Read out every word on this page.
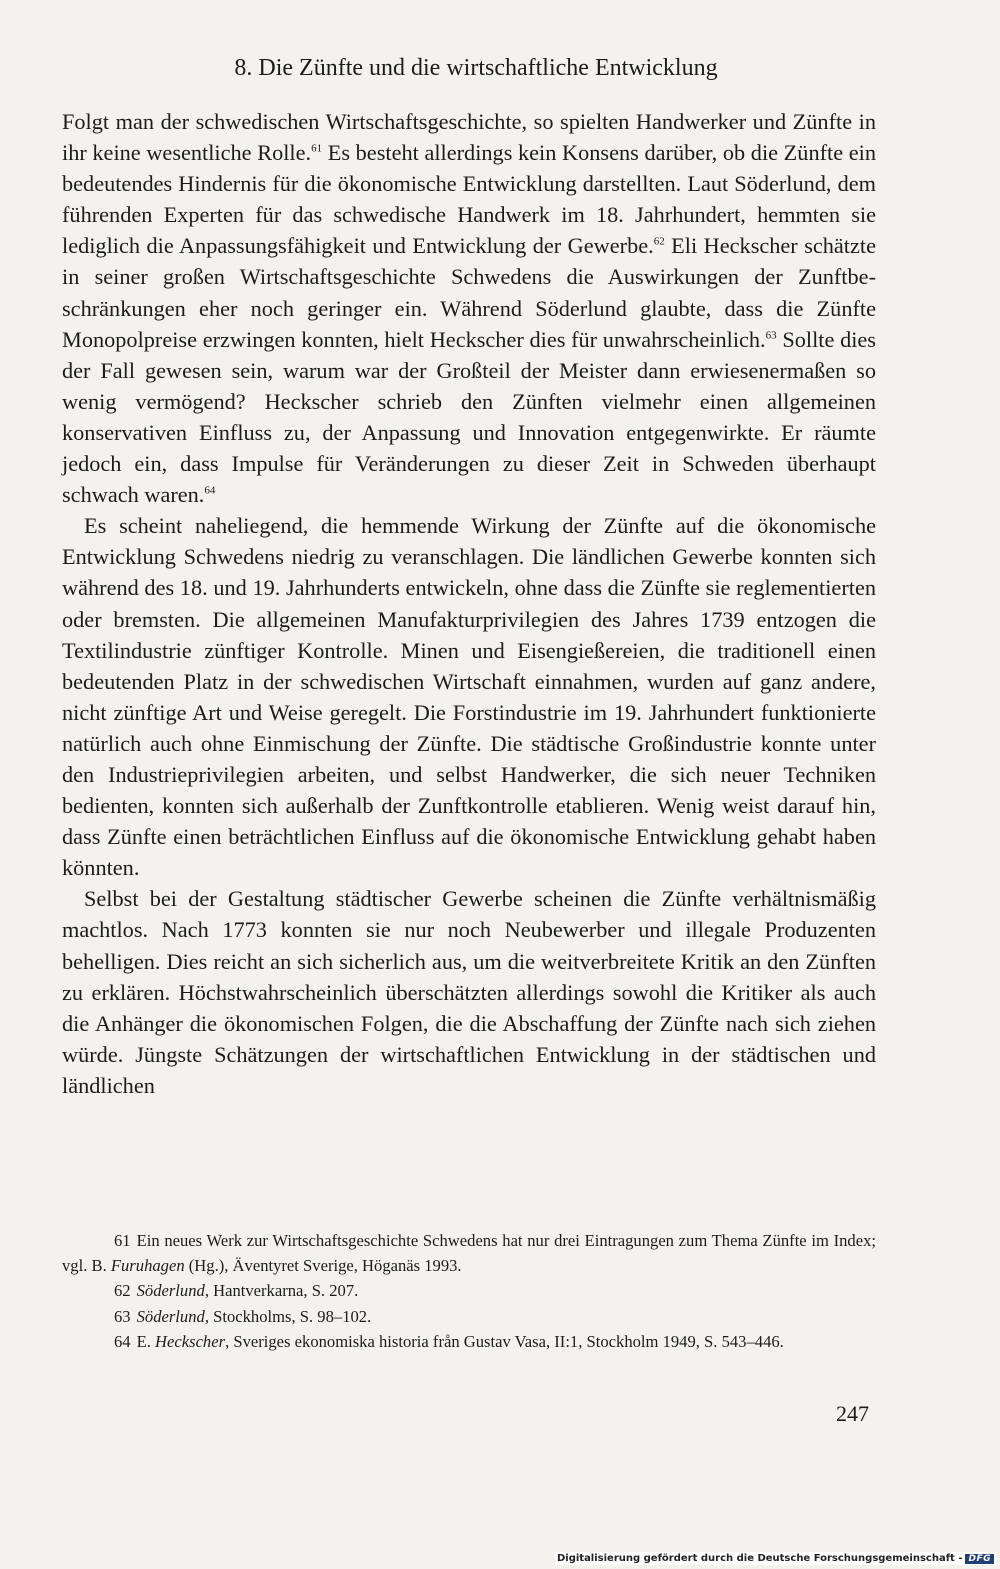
8. Die Zünfte und die wirtschaftliche Entwicklung

Folgt man der schwedischen Wirtschaftsgeschichte, so spielten Handwerker und Zünfte in ihr keine wesentliche Rolle.$^{61}$ Es besteht allerdings kein Konsens darüber, ob die Zünfte ein bedeutendes Hindernis für die ökonomische Entwicklung darstellten. Laut Söderlund, dem führenden Experten für das schwedische Handwerk im 18. Jahrhundert, hemmten sie lediglich die Anpassungsfähigkeit und Entwicklung der Gewerbe.$^{62}$ Eli Heckscher schätzte in seiner großen Wirtschaftsgeschichte Schwedens die Auswirkungen der Zunftbeschränkungen eher noch geringer ein. Während Söderlund glaubte, dass die Zünfte Monopolpreise erzwingen konnten, hielt Heckscher dies für unwahrscheinlich.$^{63}$ Sollte dies der Fall gewesen sein, warum war der Großteil der Meister dann erwiesenermaßen so wenig vermögend? Heckscher schrieb den Zünften vielmehr einen allgemeinen konservativen Einfluss zu, der Anpassung und Innovation entgegenwirkte. Er räumte jedoch ein, dass Impulse für Veränderungen zu dieser Zeit in Schweden überhaupt schwach waren.$^{64}$

Es scheint naheliegend, die hemmende Wirkung der Zünfte auf die ökonomische Entwicklung Schwedens niedrig zu veranschlagen. Die ländlichen Gewerbe konnten sich während des 18. und 19. Jahrhunderts entwickeln, ohne dass die Zünfte sie reglementierten oder bremsten. Die allgemeinen Manufakturprivilegien des Jahres 1739 entzogen die Textilindustrie zünftiger Kontrolle. Minen und Eisengießereien, die traditionell einen bedeutenden Platz in der schwedischen Wirtschaft einnahmen, wurden auf ganz andere, nicht zünftige Art und Weise geregelt. Die Forstindustrie im 19. Jahrhundert funktionierte natürlich auch ohne Einmischung der Zünfte. Die städtische Großindustrie konnte unter den Industrieprivilegien arbeiten, und selbst Handwerker, die sich neuer Techniken bedienten, konnten sich außerhalb der Zunftkontrolle etablieren. Wenig weist darauf hin, dass Zünfte einen beträchtlichen Einfluss auf die ökonomische Entwicklung gehabt haben könnten.

Selbst bei der Gestaltung städtischer Gewerbe scheinen die Zünfte verhältnismäßig machtlos. Nach 1773 konnten sie nur noch Neubewerber und illegale Produzenten behelligen. Dies reicht an sich sicherlich aus, um die weitverbreitete Kritik an den Zünften zu erklären. Höchstwahrscheinlich überschätzten allerdings sowohl die Kritiker als auch die Anhänger die ökonomischen Folgen, die die Abschaffung der Zünfte nach sich ziehen würde. Jüngste Schätzungen der wirtschaftlichen Entwicklung in der städtischen und ländlichen

61 Ein neues Werk zur Wirtschaftsgeschichte Schwedens hat nur drei Eintragungen zum Thema Zünfte im Index; vgl. B. Furuhagen (Hg.), Äventyret Sverige, Höganäs 1993.

62 Söderlund, Hantverkarna, S. 207.

63 Söderlund, Stockholms, S. 98–102.

64 E. Heckscher, Sveriges ekonomiska historia från Gustav Vasa, II:1, Stockholm 1949, S. 543–446.

247
Digitalisierung gefördert durch die Deutsche Forschungsgemeinschaft - DFG
